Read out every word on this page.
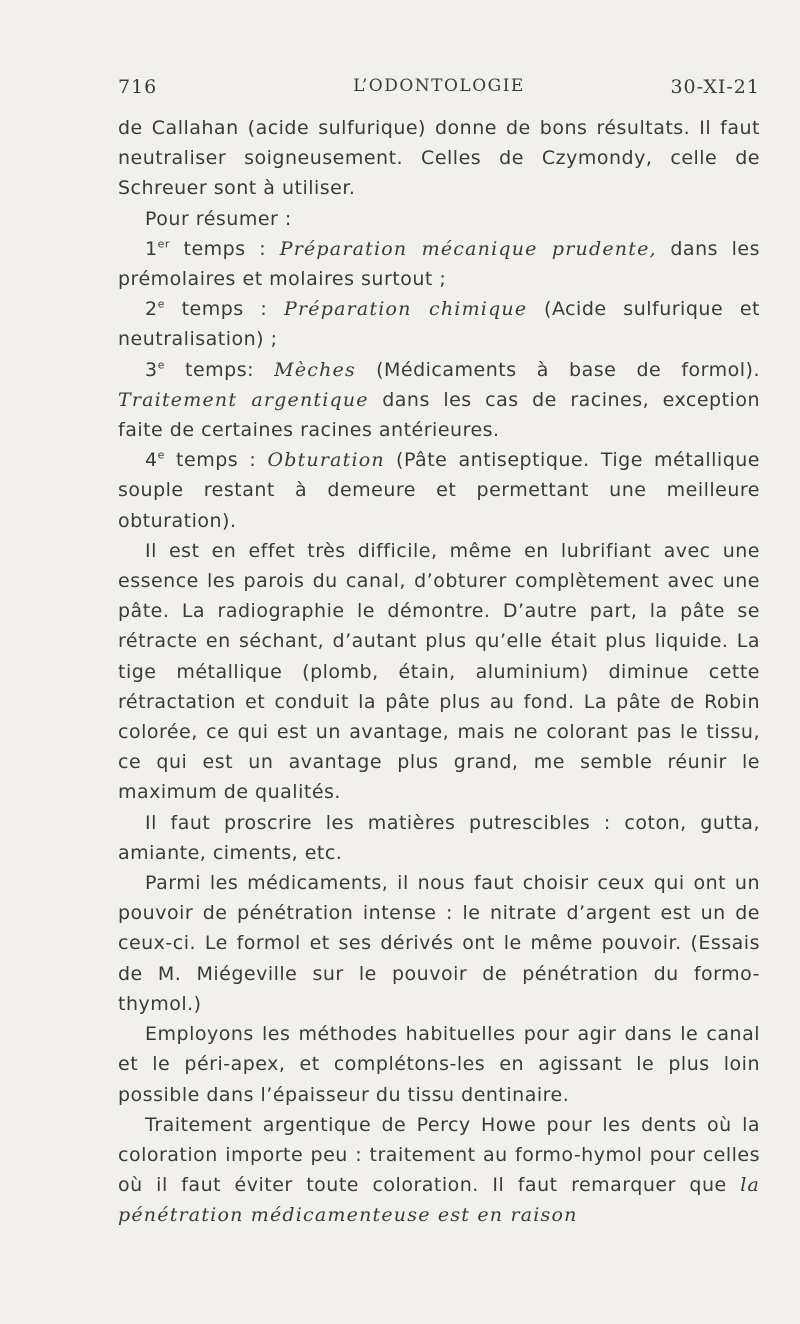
716	L’ODONTOLOGIE	30-XI-21

de Callahan (acide sulfurique) donne de bons résultats. Il faut neutraliser soigneusement. Celles de Czymondy, celle de Schreuer sont à utiliser.

Pour résumer :

1er temps : Préparation mécanique prudente, dans les prémolaires et molaires surtout ;

2e temps : Préparation chimique (Acide sulfurique et neutralisation) ;

3e temps: Mèches (Médicaments à base de formol). Traitement argentique dans les cas de racines, exception faite de certaines racines antérieures.

4e temps : Obturation (Pâte antiseptique. Tige métallique souple restant à demeure et permettant une meilleure obturation).

Il est en effet très difficile, même en lubrifiant avec une essence les parois du canal, d’obturer complètement avec une pâte. La radiographie le démontre. D’autre part, la pâte se rétracte en séchant, d’autant plus qu’elle était plus liquide. La tige métallique (plomb, étain, aluminium) diminue cette rétractation et conduit la pâte plus au fond. La pâte de Robin colorée, ce qui est un avantage, mais ne colorant pas le tissu, ce qui est un avantage plus grand, me semble réunir le maximum de qualités.

Il faut proscrire les matières putrescibles : coton, gutta, amiante, ciments, etc.

Parmi les médicaments, il nous faut choisir ceux qui ont un pouvoir de pénétration intense : le nitrate d’argent est un de ceux-ci. Le formol et ses dérivés ont le même pouvoir. (Essais de M. Miégeville sur le pouvoir de pénétration du formo-thymol.)

Employons les méthodes habituelles pour agir dans le canal et le péri-apex, et complétons-les en agissant le plus loin possible dans l’épaisseur du tissu dentinaire.

Traitement argentique de Percy Howe pour les dents où la coloration importe peu : traitement au formo-hymol pour celles où il faut éviter toute coloration. Il faut remarquer que la pénétration médicamenteuse est en raison
